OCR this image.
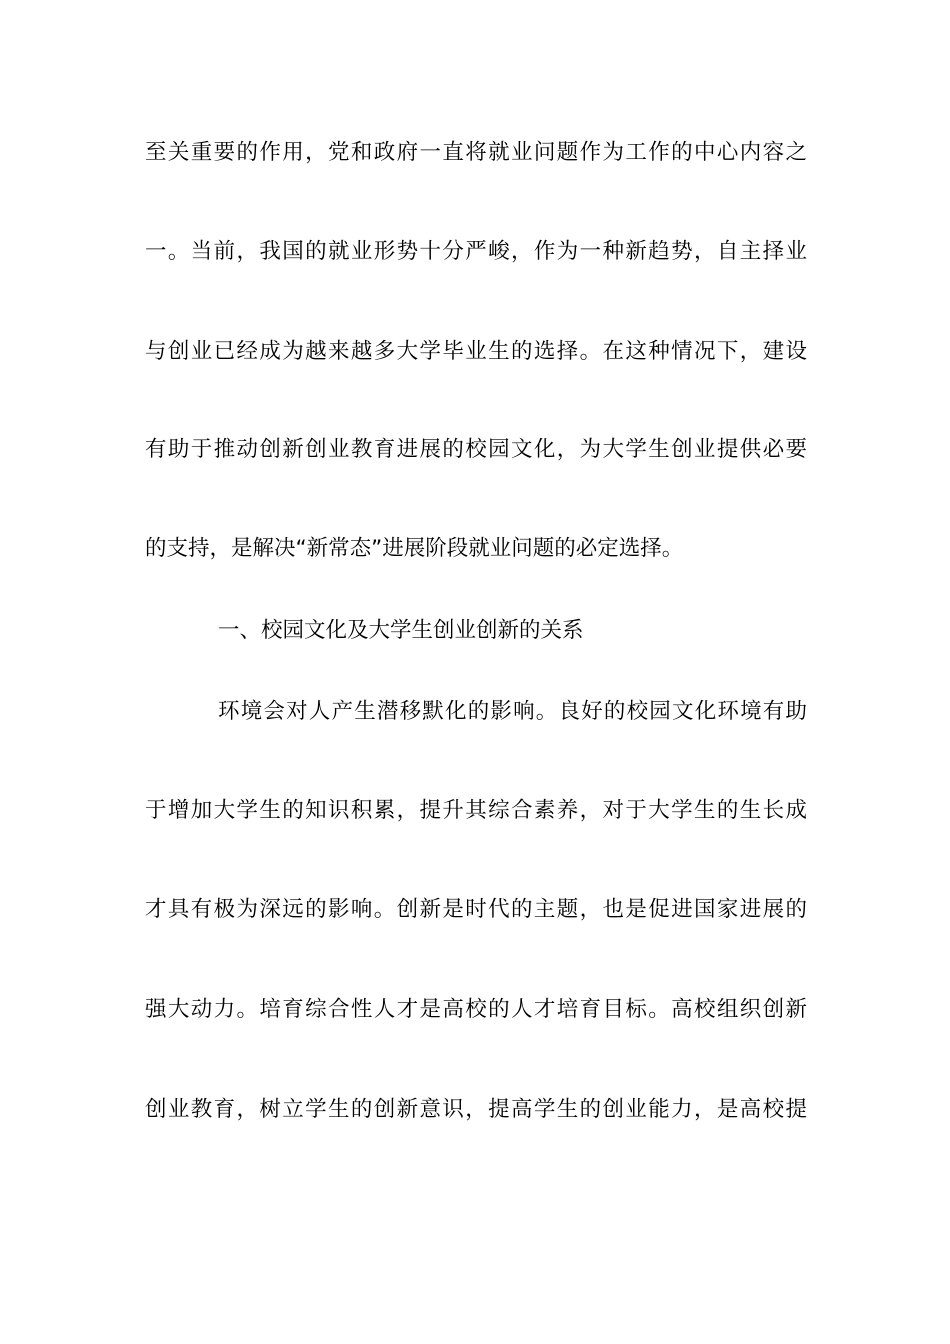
至关重要的作用，党和政府一直将就业问题作为工作的中心内容之
一。当前，我国的就业形势十分严峻，作为一种新趋势，自主择业
与创业已经成为越来越多大学毕业生的选择。在这种情况下，建设
有助于推动创新创业教育进展的校园文化，为大学生创业提供必要
的支持，是解决“新常态”进展阶段就业问题的必定选择。
一、校园文化及大学生创业创新的关系
环境会对人产生潜移默化的影响。良好的校园文化环境有助
于增加大学生的知识积累，提升其综合素养，对于大学生的生长成
才具有极为深远的影响。创新是时代的主题，也是促进国家进展的
强大动力。培育综合性人才是高校的人才培育目标。高校组织创新
创业教育，树立学生的创新意识，提高学生的创业能力，是高校提
